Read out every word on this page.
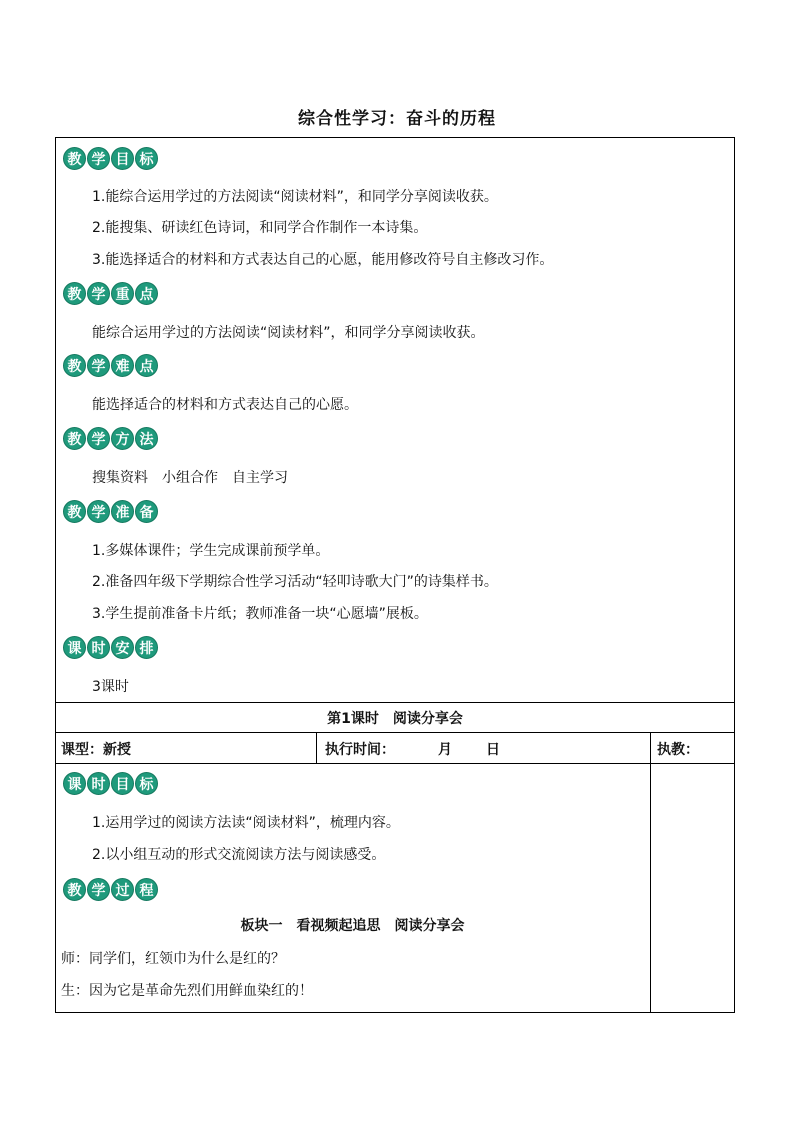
综合性学习：奋斗的历程
教 学 目 标
1.能综合运用学过的方法阅读“阅读材料”，和同学分享阅读收获。
2.能搜集、研读红色诗词，和同学合作制作一本诗集。
3.能选择适合的材料和方式表达自己的心愿，能用修改符号自主修改习作。
教 学 重 点
能综合运用学过的方法阅读“阅读材料”，和同学分享阅读收获。
教 学 难 点
能选择适合的材料和方式表达自己的心愿。
教 学 方 法
搜集资料　小组合作　自主学习
教 学 准 备
1.多媒体课件；学生完成课前预学单。
2.准备四年级下学期综合性学习活动“轻叩诗歌大门”的诗集样书。
3.学生提前准备卡片纸；教师准备一块“心愿墙”展板。
课 时 安 排
3课时
第1课时　阅读分享会
课型：新授	执行时间：	月 日	执教：
课 时 目 标
1.运用学过的阅读方法读“阅读材料”，梳理内容。
2.以小组互动的形式交流阅读方法与阅读感受。
教 学 过 程
板块一　看视频起追思　阅读分享会
师：同学们，红领巾为什么是红的？
生：因为它是革命先烈们用鲜血染红的！
